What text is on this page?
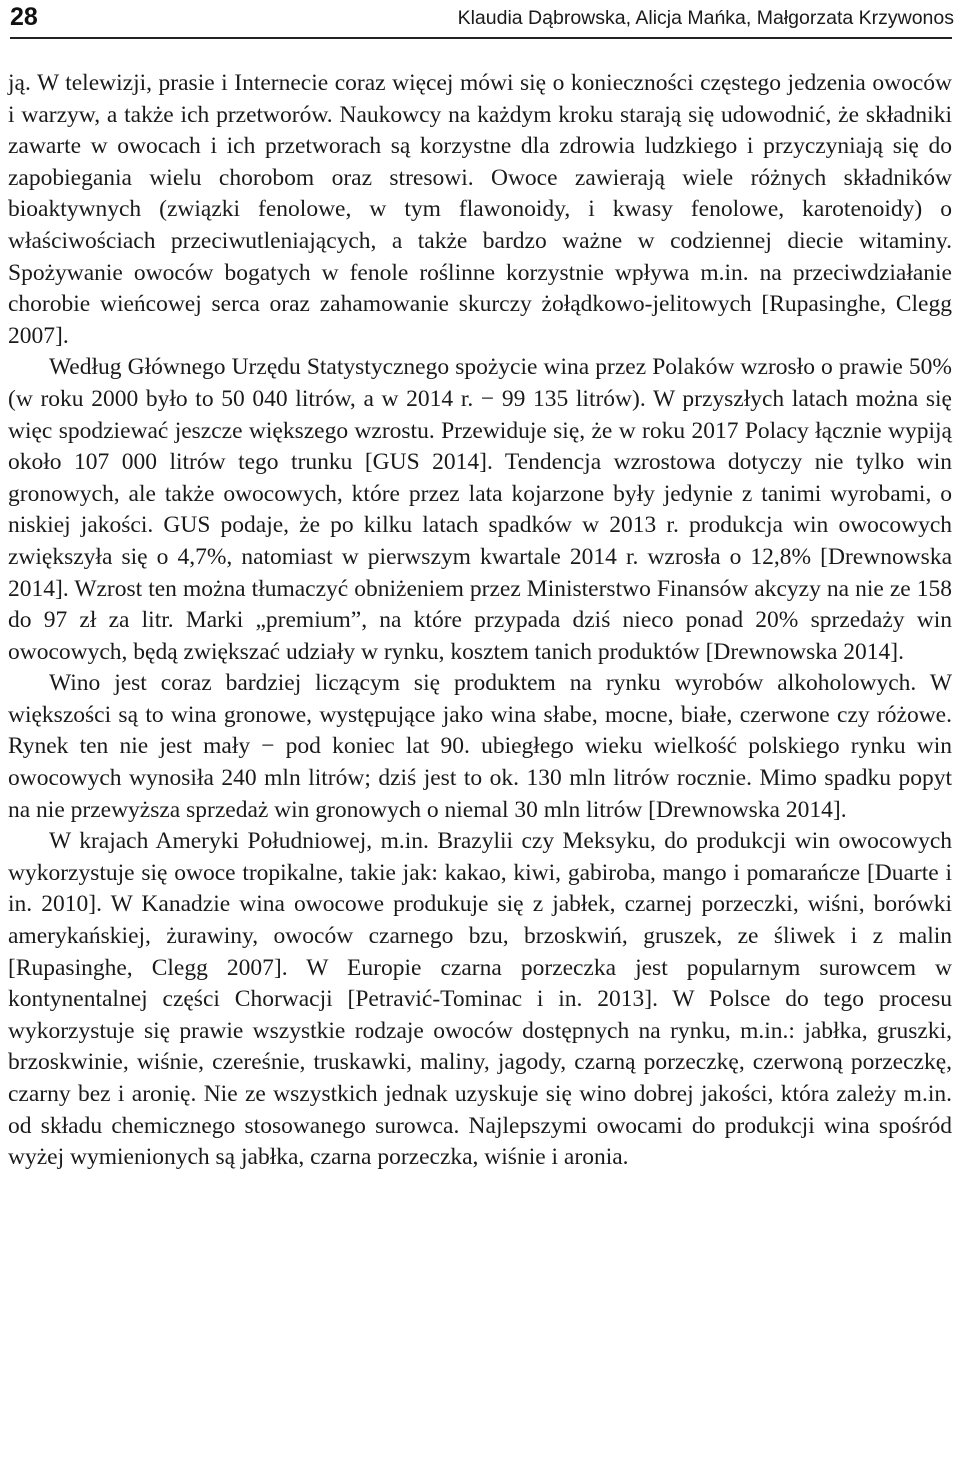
28	Klaudia Dąbrowska, Alicja Mańka, Małgorzata Krzywonos

ją. W telewizji, prasie i Internecie coraz więcej mówi się o konieczności częstego jedzenia owoców i warzyw, a także ich przetworów. Naukowcy na każdym kroku starają się udowodnić, że składniki zawarte w owocach i ich przetworach są korzystne dla zdrowia ludzkiego i przyczyniają się do zapobiegania wielu chorobom oraz stresowi. Owoce zawierają wiele różnych składników bioaktywnych (związki fenolowe, w tym flawonoidy, i kwasy fenolowe, karotenoidy) o właściwościach przeciwutleniających, a także bardzo ważne w codziennej diecie witaminy. Spożywanie owoców bogatych w fenole roślinne korzystnie wpływa m.in. na przeciwdziałanie chorobie wieńcowej serca oraz zahamowanie skurczy żołądkowo-jelitowych [Rupasinghe, Clegg 2007].

Według Głównego Urzędu Statystycznego spożycie wina przez Polaków wzrosło o prawie 50% (w roku 2000 było to 50 040 litrów, a w 2014 r. − 99 135 litrów). W przyszłych latach można się więc spodziewać jeszcze większego wzrostu. Przewiduje się, że w roku 2017 Polacy łącznie wypiją około 107 000 litrów tego trunku [GUS 2014]. Tendencja wzrostowa dotyczy nie tylko win gronowych, ale także owocowych, które przez lata kojarzone były jedynie z tanimi wyrobami, o niskiej jakości. GUS podaje, że po kilku latach spadków w 2013 r. produkcja win owocowych zwiększyła się o 4,7%, natomiast w pierwszym kwartale 2014 r. wzrosła o 12,8% [Drewnowska 2014]. Wzrost ten można tłumaczyć obniżeniem przez Ministerstwo Finansów akcyzy na nie ze 158 do 97 zł za litr. Marki „premium”, na które przypada dziś nieco ponad 20% sprzedaży win owocowych, będą zwiększać udziały w rynku, kosztem tanich produktów [Drewnowska 2014].

Wino jest coraz bardziej liczącym się produktem na rynku wyrobów alkoholowych. W większości są to wina gronowe, występujące jako wina słabe, mocne, białe, czerwone czy różowe. Rynek ten nie jest mały − pod koniec lat 90. ubiegłego wieku wielkość polskiego rynku win owocowych wynosiła 240 mln litrów; dziś jest to ok. 130 mln litrów rocznie. Mimo spadku popyt na nie przewyższa sprzedaż win gronowych o niemal 30 mln litrów [Drewnowska 2014].

W krajach Ameryki Południowej, m.in. Brazylii czy Meksyku, do produkcji win owocowych wykorzystuje się owoce tropikalne, takie jak: kakao, kiwi, gabiroba, mango i pomarańcze [Duarte i in. 2010]. W Kanadzie wina owocowe produkuje się z jabłek, czarnej porzeczki, wiśni, borówki amerykańskiej, żurawiny, owoców czarnego bzu, brzoskwiń, gruszek, ze śliwek i z malin [Rupasinghe, Clegg 2007]. W Europie czarna porzeczka jest popularnym surowcem w kontynentalnej części Chorwacji [Petravić-Tominac i in. 2013]. W Polsce do tego procesu wykorzystuje się prawie wszystkie rodzaje owoców dostępnych na rynku, m.in.: jabłka, gruszki, brzoskwinie, wiśnie, czereśnie, truskawki, maliny, jagody, czarną porzeczkę, czerwoną porzeczkę, czarny bez i aronię. Nie ze wszystkich jednak uzyskuje się wino dobrej jakości, która zależy m.in. od składu chemicznego stosowanego surowca. Najlepszymi owocami do produkcji wina spośród wyżej wymienionych są jabłka, czarna porzeczka, wiśnie i aronia.
